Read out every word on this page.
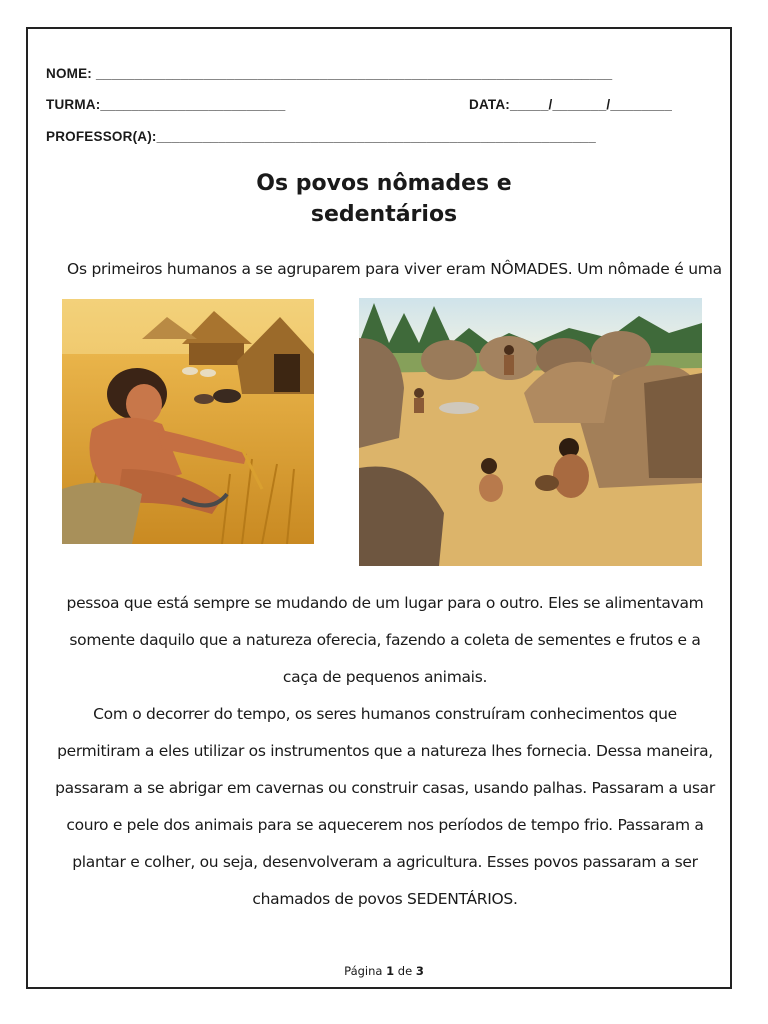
NOME: ___________________________________________________________________
TURMA:________________________	DATA:_____/_______/________
PROFESSOR(A):_________________________________________________________
Os povos nômades e
sedentários
Os primeiros humanos a se agruparem para viver eram NÔMADES. Um nômade é uma

pessoa que está sempre se mudando de um lugar para o outro. Eles se alimentavam somente daquilo que a natureza oferecia, fazendo a coleta de sementes e frutos e a caça de pequenos animais.

Com o decorrer do tempo, os seres humanos construíram conhecimentos que permitiram a eles utilizar os instrumentos que a natureza lhes fornecia. Dessa maneira, passaram a se abrigar em cavernas ou construir casas, usando palhas. Passaram a usar couro e pele dos animais para se aquecerem nos períodos de tempo frio. Passaram a plantar e colher, ou seja, desenvolveram a agricultura. Esses povos passaram a ser chamados de povos SEDENTÁRIOS.

Página 1 de 3
